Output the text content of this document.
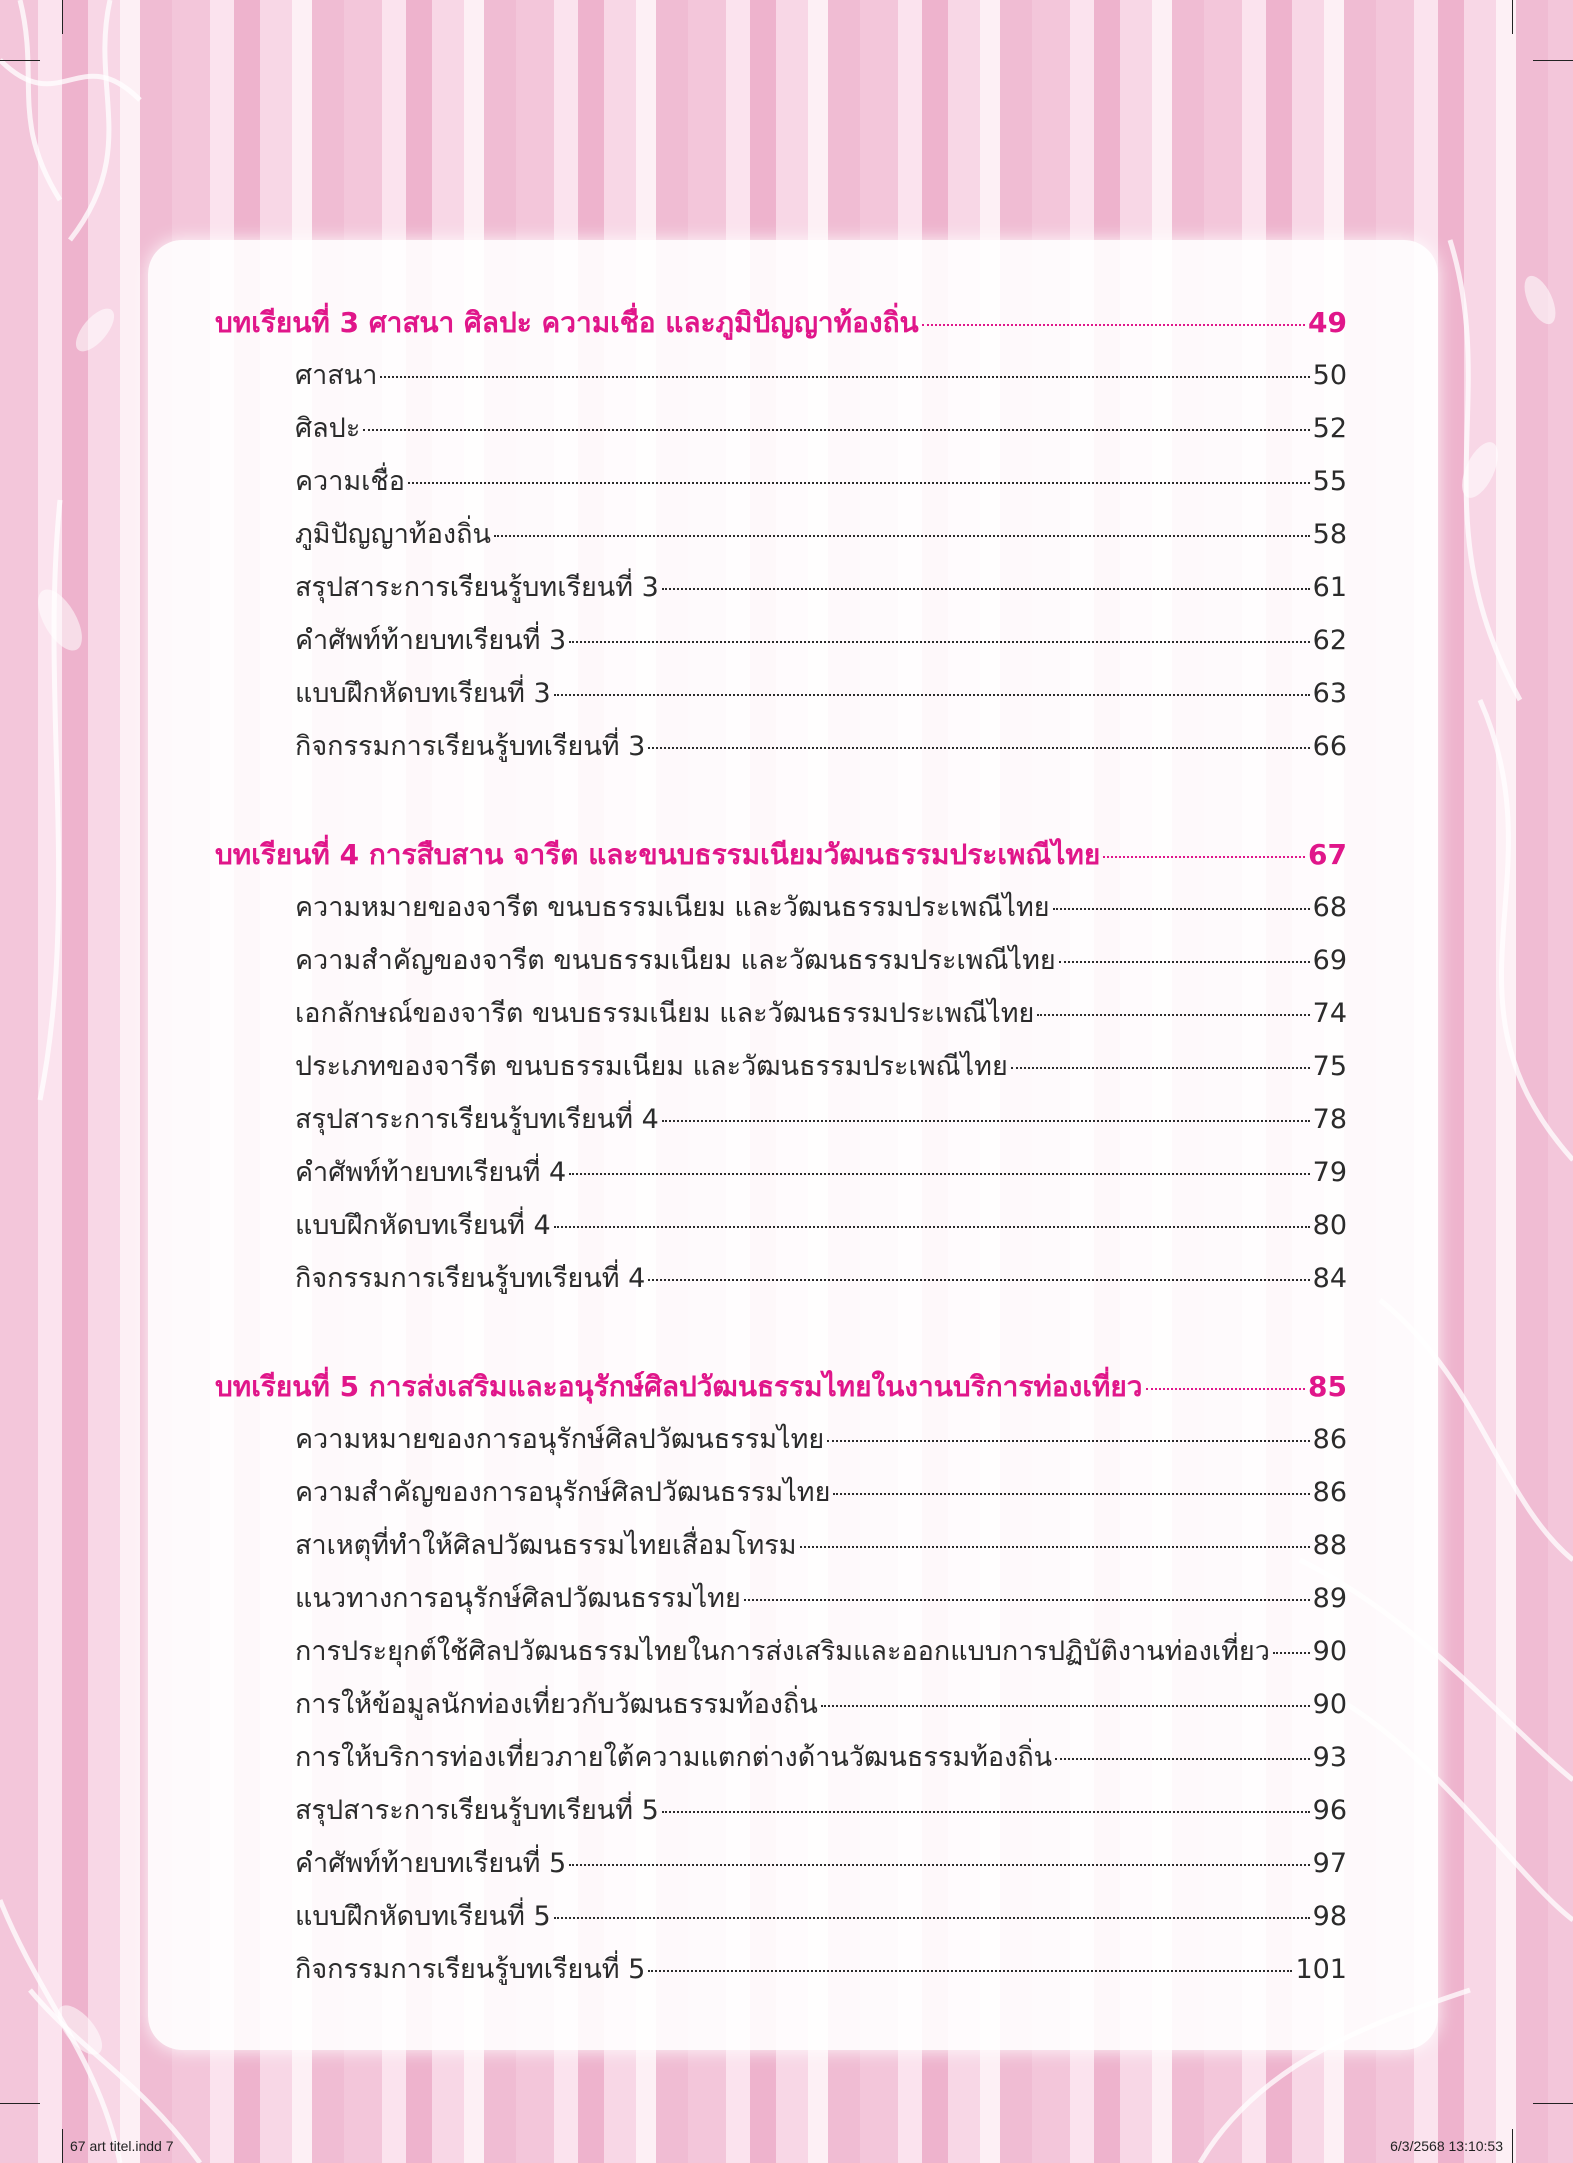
บทเรียนที่ 3 ศาสนา ศิลปะ ความเชื่อ และภูมิปัญญาท้องถิ่น	49
ศาสนา	50
ศิลปะ	52
ความเชื่อ	55
ภูมิปัญญาท้องถิ่น	58
สรุปสาระการเรียนรู้บทเรียนที่ 3	61
คำศัพท์ท้ายบทเรียนที่ 3	62
แบบฝึกหัดบทเรียนที่ 3	63
กิจกรรมการเรียนรู้บทเรียนที่ 3	66
บทเรียนที่ 4 การสืบสาน จารีต และขนบธรรมเนียมวัฒนธรรมประเพณีไทย	67
ความหมายของจารีต ขนบธรรมเนียม และวัฒนธรรมประเพณีไทย	68
ความสำคัญของจารีต ขนบธรรมเนียม และวัฒนธรรมประเพณีไทย	69
เอกลักษณ์ของจารีต ขนบธรรมเนียม และวัฒนธรรมประเพณีไทย	74
ประเภทของจารีต ขนบธรรมเนียม และวัฒนธรรมประเพณีไทย	75
สรุปสาระการเรียนรู้บทเรียนที่ 4	78
คำศัพท์ท้ายบทเรียนที่ 4	79
แบบฝึกหัดบทเรียนที่ 4	80
กิจกรรมการเรียนรู้บทเรียนที่ 4	84
บทเรียนที่ 5 การส่งเสริมและอนุรักษ์ศิลปวัฒนธรรมไทยในงานบริการท่องเที่ยว	85
ความหมายของการอนุรักษ์ศิลปวัฒนธรรมไทย	86
ความสำคัญของการอนุรักษ์ศิลปวัฒนธรรมไทย	86
สาเหตุที่ทำให้ศิลปวัฒนธรรมไทยเสื่อมโทรม	88
แนวทางการอนุรักษ์ศิลปวัฒนธรรมไทย	89
การประยุกต์ใช้ศิลปวัฒนธรรมไทยในการส่งเสริมและออกแบบการปฏิบัติงานท่องเที่ยว 90
การให้ข้อมูลนักท่องเที่ยวกับวัฒนธรรมท้องถิ่น	90
การให้บริการท่องเที่ยวภายใต้ความแตกต่างด้านวัฒนธรรมท้องถิ่น	93
สรุปสาระการเรียนรู้บทเรียนที่ 5	96
คำศัพท์ท้ายบทเรียนที่ 5	97
แบบฝึกหัดบทเรียนที่ 5	98
กิจกรรมการเรียนรู้บทเรียนที่ 5	101
67 art titel.indd 7	6/3/2568 13:10:53
